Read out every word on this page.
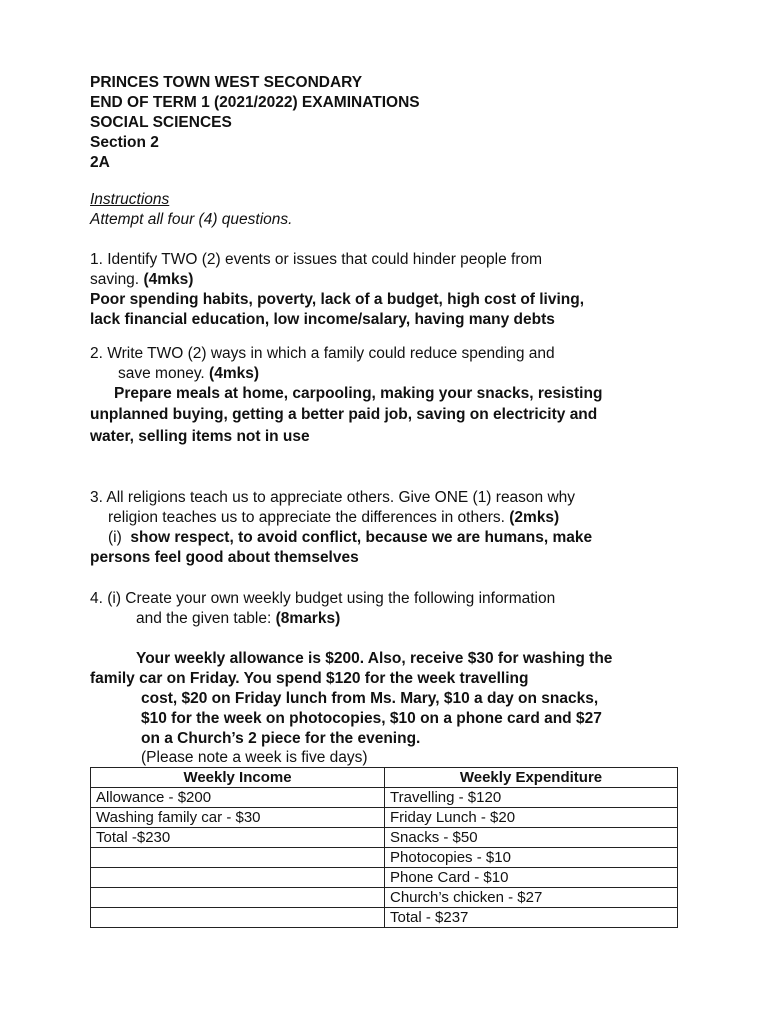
PRINCES TOWN WEST SECONDARY
END OF TERM 1 (2021/2022) EXAMINATIONS
SOCIAL SCIENCES
Section 2
2A
Instructions
Attempt all four (4) questions.
1. Identify TWO (2) events or issues that could hinder people from
saving. (4mks)
Poor spending habits, poverty, lack of a budget, high cost of living,
lack financial education, low income/salary, having many debts
2. Write TWO (2) ways in which a family could reduce spending and
save money. (4mks)
Prepare meals at home, carpooling, making your snacks, resisting
unplanned buying, getting a better paid job, saving on electricity and
water, selling items not in use
3. All religions teach us to appreciate others. Give ONE (1) reason why
religion teaches us to appreciate the differences in others. (2mks)
(i) show respect, to avoid conflict, because we are humans, make
persons feel good about themselves
4. (i) Create your own weekly budget using the following information
and the given table: (8marks)
Your weekly allowance is $200. Also, receive $30 for washing the
family car on Friday. You spend $120 for the week travelling
cost, $20 on Friday lunch from Ms. Mary, $10 a day on snacks,
$10 for the week on photocopies, $10 on a phone card and $27
on a Church’s 2 piece for the evening.
(Please note a week is five days)
Weekly Income	Weekly Expenditure
Allowance - $200	Travelling - $120
Washing family car - $30	Friday Lunch - $20
Total -$230	Snacks - $50
	Photocopies - $10
	Phone Card - $10
	Church’s chicken - $27
	Total - $237
